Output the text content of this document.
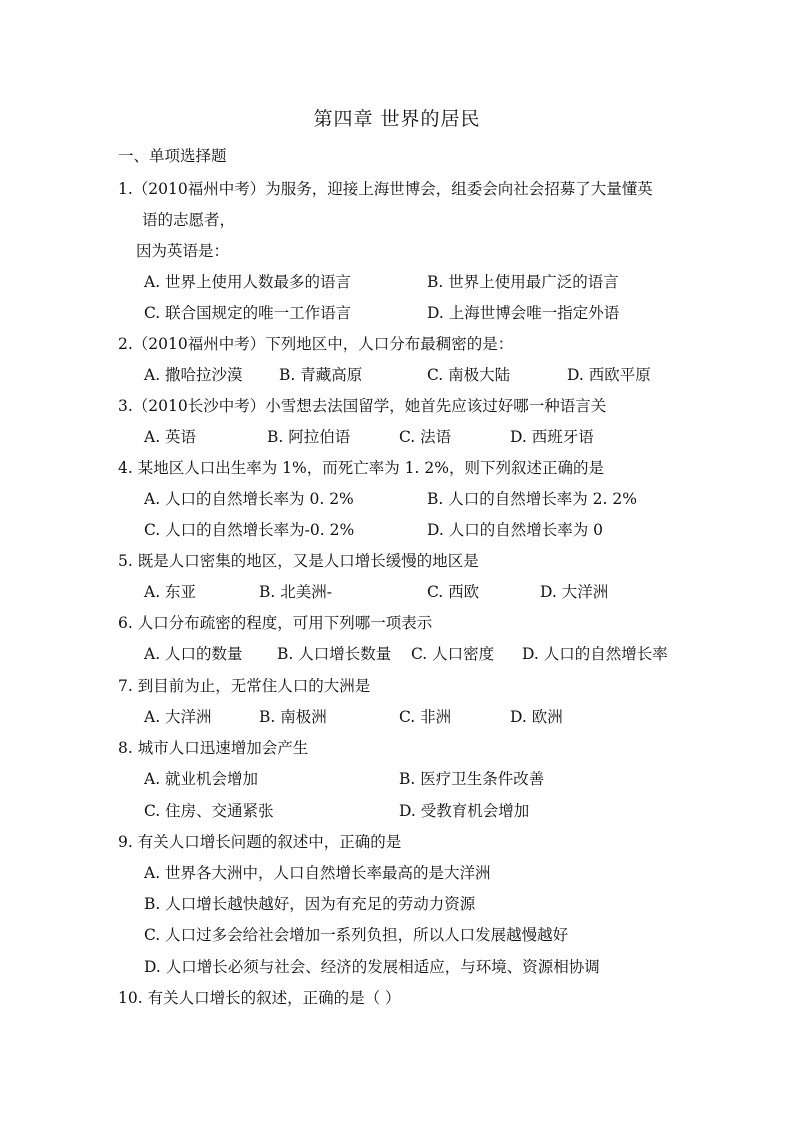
第四章 世界的居民
一、单项选择题
1.（2010福州中考）为服务，迎接上海世博会，组委会向社会招募了大量懂英
语的志愿者，
因为英语是：
A. 世界上使用人数最多的语言	B. 世界上使用最广泛的语言
C. 联合国规定的唯一工作语言	D. 上海世博会唯一指定外语
2.（2010福州中考）下列地区中，人口分布最稠密的是：
A. 撒哈拉沙漠 B. 青藏高原	C. 南极大陆	D. 西欧平原
3.（2010长沙中考）小雪想去法国留学，她首先应该过好哪一种语言关
A. 英语	B. 阿拉伯语	C. 法语	D. 西班牙语
4. 某地区人口出生率为 1%，而死亡率为 1. 2%，则下列叙述正确的是
A. 人口的自然增长率为 0. 2%	B. 人口的自然增长率为 2. 2%
C. 人口的自然增长率为-0. 2%	D. 人口的自然增长率为 0
5. 既是人口密集的地区，又是人口增长缓慢的地区是
A. 东亚	B. 北美洲-	C. 西欧	D. 大洋洲
6. 人口分布疏密的程度，可用下列哪一项表示
A. 人口的数量 B. 人口增长数量 C. 人口密度 D. 人口的自然增长率
7. 到目前为止，无常住人口的大洲是
A. 大洋洲	B. 南极洲	C. 非洲	D. 欧洲
8. 城市人口迅速增加会产生
A. 就业机会增加	B. 医疗卫生条件改善
C. 住房、交通紧张	D. 受教育机会增加
9. 有关人口增长问题的叙述中，正确的是
A. 世界各大洲中，人口自然增长率最高的是大洋洲
B. 人口增长越快越好，因为有充足的劳动力资源
C. 人口过多会给社会增加一系列负担，所以人口发展越慢越好
D. 人口增长必须与社会、经济的发展相适应，与环境、资源相协调
10. 有关人口增长的叙述，正确的是（ ）
